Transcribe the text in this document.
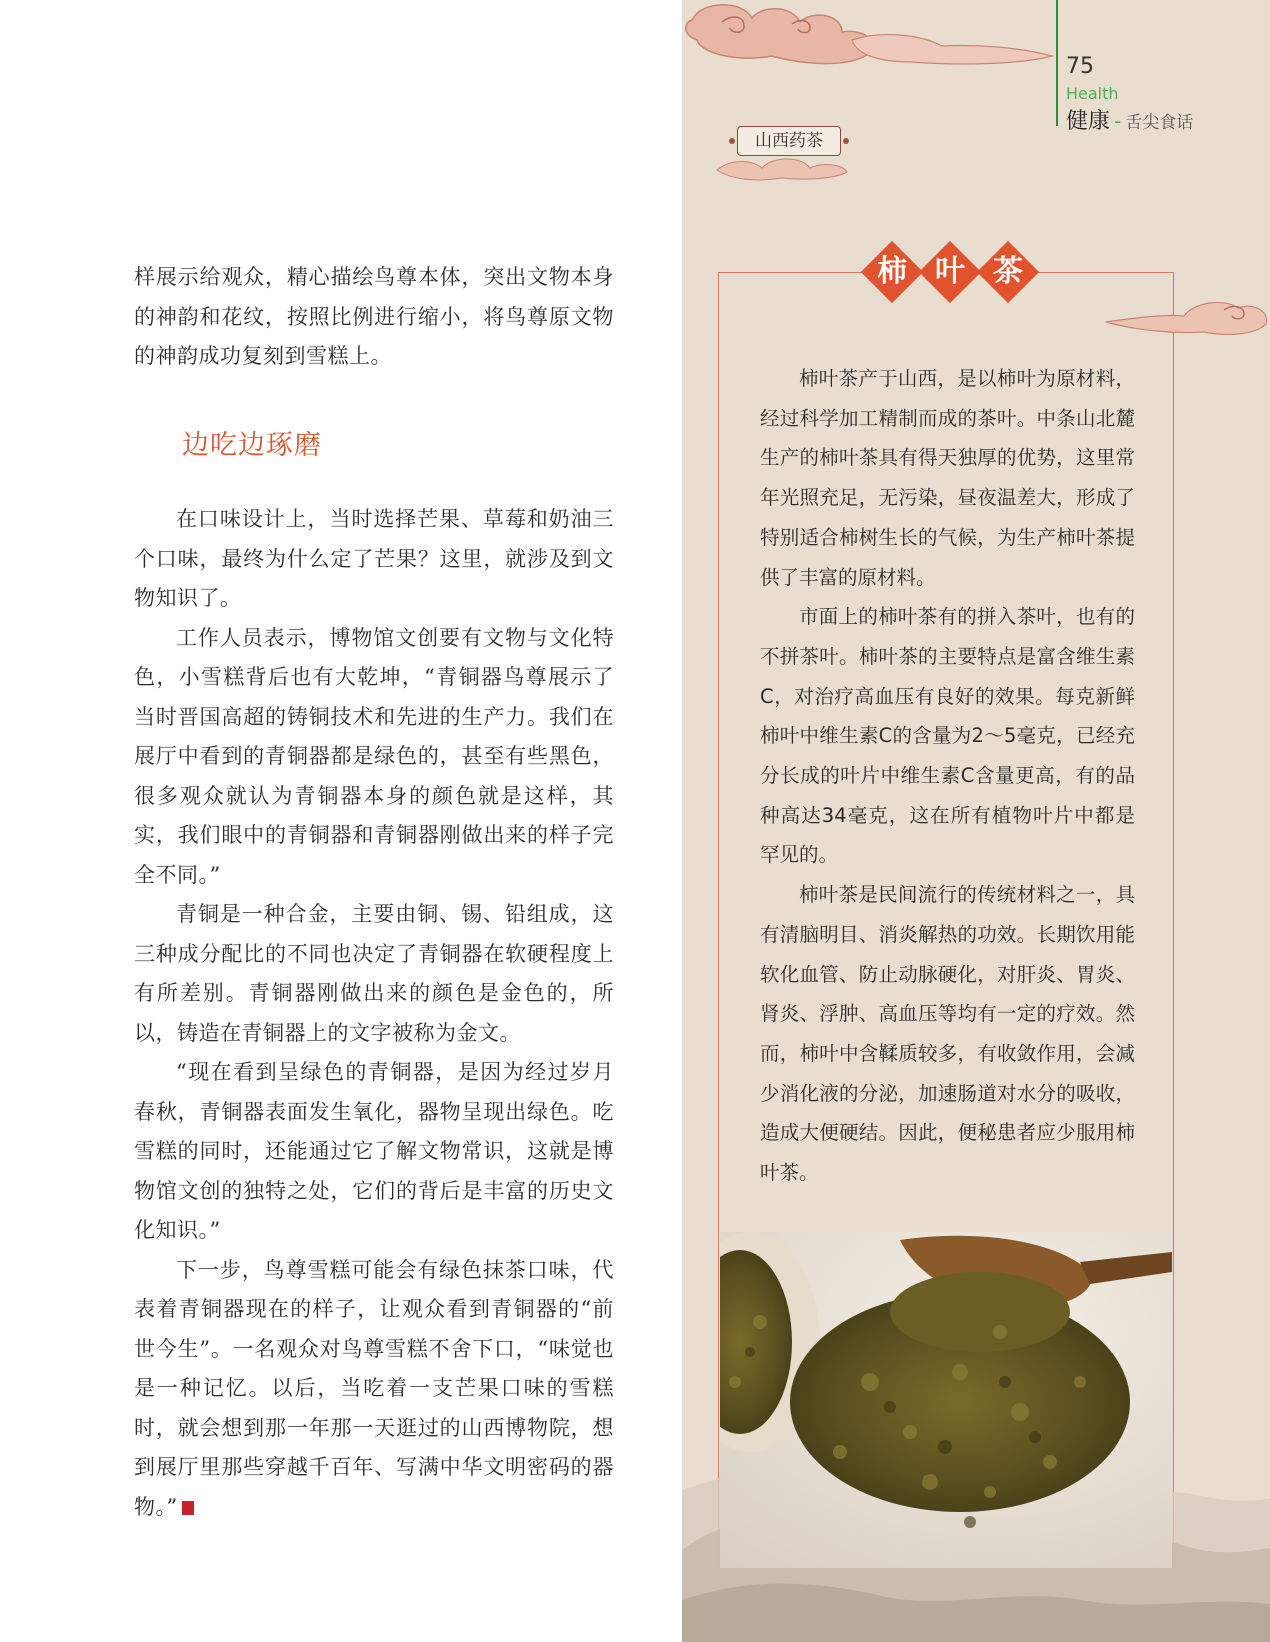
样展示给观众，精心描绘鸟尊本体，突出文物本身的神韵和花纹，按照比例进行缩小，将鸟尊原文物的神韵成功复刻到雪糕上。

边吃边琢磨

在口味设计上，当时选择芒果、草莓和奶油三个口味，最终为什么定了芒果？这里，就涉及到文物知识了。

工作人员表示，博物馆文创要有文物与文化特色，小雪糕背后也有大乾坤，“青铜器鸟尊展示了当时晋国高超的铸铜技术和先进的生产力。我们在展厅中看到的青铜器都是绿色的，甚至有些黑色，很多观众就认为青铜器本身的颜色就是这样，其实，我们眼中的青铜器和青铜器刚做出来的样子完全不同。”

青铜是一种合金，主要由铜、锡、铅组成，这三种成分配比的不同也决定了青铜器在软硬程度上有所差别。青铜器刚做出来的颜色是金色的，所以，铸造在青铜器上的文字被称为金文。

“现在看到呈绿色的青铜器，是因为经过岁月春秋，青铜器表面发生氧化，器物呈现出绿色。吃雪糕的同时，还能通过它了解文物常识，这就是博物馆文创的独特之处，它们的背后是丰富的历史文化知识。”

下一步，鸟尊雪糕可能会有绿色抹茶口味，代表着青铜器现在的样子，让观众看到青铜器的“前世今生”。一名观众对鸟尊雪糕不舍下口，“味觉也是一种记忆。以后，当吃着一支芒果口味的雪糕时，就会想到那一年那一天逛过的山西博物院，想到展厅里那些穿越千百年、写满中华文明密码的器物。”	S

75
Health
健康 - 舌尖食话
山西药茶
柿 叶 茶

柿叶茶产于山西，是以柿叶为原材料，经过科学加工精制而成的茶叶。中条山北麓生产的柿叶茶具有得天独厚的优势，这里常年光照充足，无污染，昼夜温差大，形成了特别适合柿树生长的气候，为生产柿叶茶提供了丰富的原材料。

市面上的柿叶茶有的拼入茶叶，也有的不拼茶叶。柿叶茶的主要特点是富含维生素C，对治疗高血压有良好的效果。每克新鲜柿叶中维生素C的含量为2～5毫克，已经充分长成的叶片中维生素C含量更高，有的品种高达34毫克，这在所有植物叶片中都是罕见的。

柿叶茶是民间流行的传统材料之一，具有清脑明目、消炎解热的功效。长期饮用能软化血管、防止动脉硬化，对肝炎、胃炎、肾炎、浮肿、高血压等均有一定的疗效。然而，柿叶中含鞣质较多，有收敛作用，会减少消化液的分泌，加速肠道对水分的吸收，造成大便硬结。因此，便秘患者应少服用柿叶茶。
